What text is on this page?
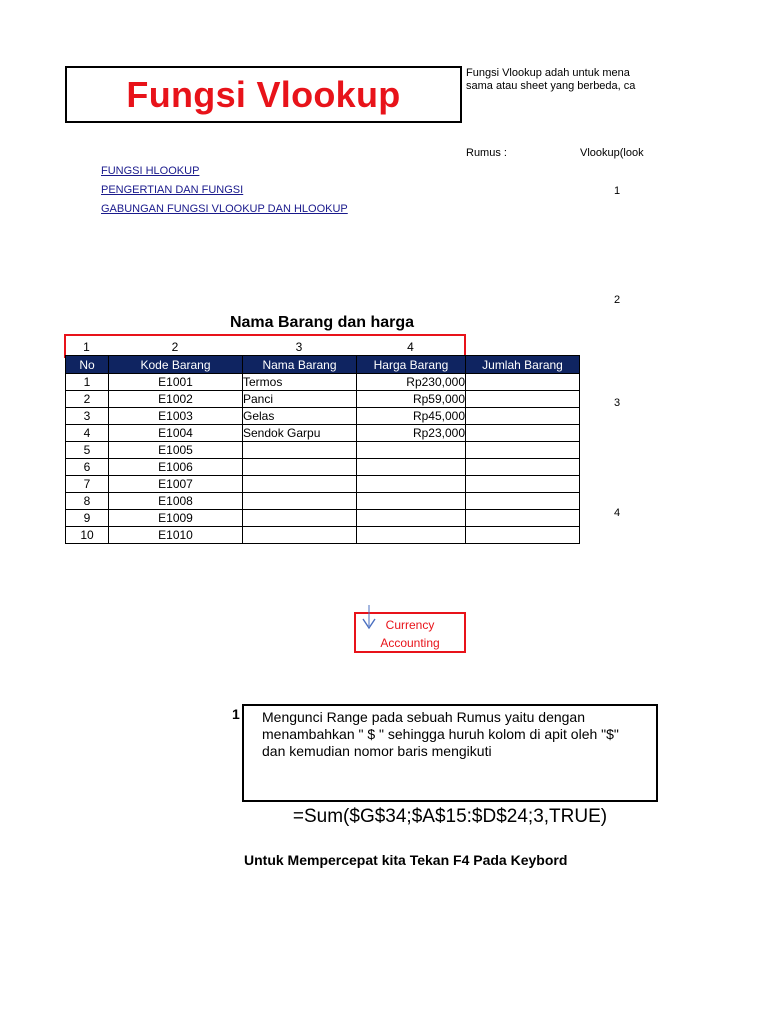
Fungsi Vlookup
Fungsi Vlookup adah untuk mena
sama atau sheet yang berbeda, ca
Rumus :	Vlookup(look
1
2
3
4
FUNGSI HLOOKUP
PENGERTIAN DAN FUNGSI
GABUNGAN FUNGSI VLOOKUP DAN HLOOKUP
Nama Barang dan harga
1	2	3	4
No	Kode Barang	Nama Barang	Harga Barang	Jumlah Barang
1	E1001	Termos	Rp230,000	
2	E1002	Panci	Rp59,000	
3	E1003	Gelas	Rp45,000	
4	E1004	Sendok Garpu	Rp23,000	
5	E1005			
6	E1006			
7	E1007			
8	E1008			
9	E1009			
10	E1010			
Currency
Accounting
1	Mengunci Range pada sebuah Rumus yaitu dengan menambahkan " $ " sehingga huruh kolom di apit oleh "$" dan kemudian nomor baris mengikuti
=Sum($G$34;$A$15:$D$24;3,TRUE)
Untuk Mempercepat kita Tekan F4 Pada Keybord
